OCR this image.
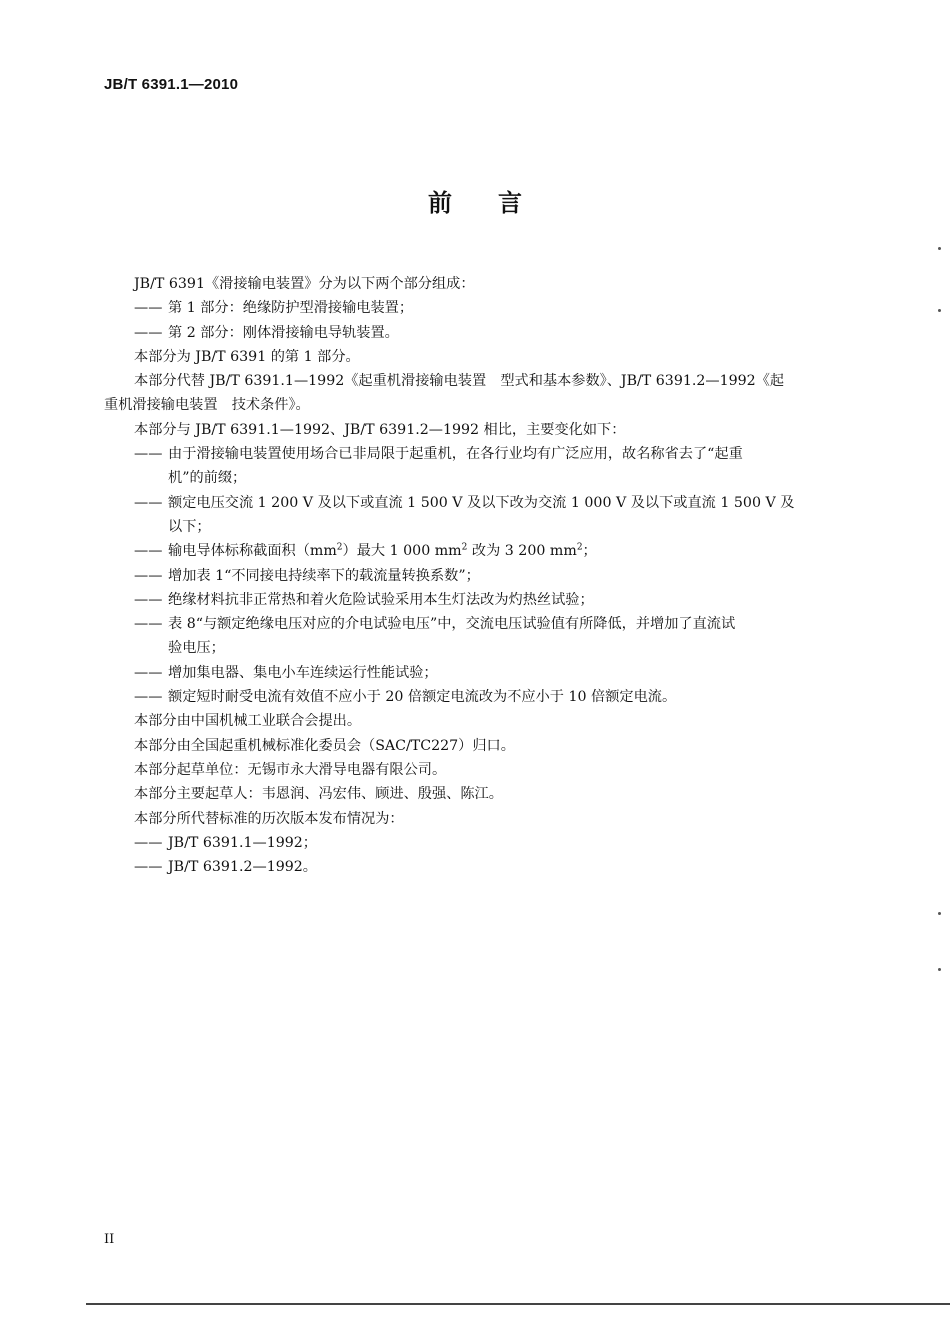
JB/T 6391.1—2010
前言

JB/T 6391《滑接输电装置》分为以下两个部分组成：

—— 第 1 部分：绝缘防护型滑接输电装置；
—— 第 2 部分：刚体滑接输电导轨装置。

本部分为 JB/T 6391 的第 1 部分。

本部分代替 JB/T 6391.1—1992《起重机滑接输电装置　型式和基本参数》、JB/T 6391.2—1992《起

重机滑接输电装置　技术条件》。

本部分与 JB/T 6391.1—1992、JB/T 6391.2—1992 相比，主要变化如下：

—— 由于滑接输电装置使用场合已非局限于起重机，在各行业均有广泛应用，故名称省去了“起重
机”的前缀；
—— 额定电压交流 1 200 V 及以下或直流 1 500 V 及以下改为交流 1 000 V 及以下或直流 1 500 V 及
以下；
—— 输电导体标称截面积$(mm^2)$最大 1 000 $mm^2$ 改为 3 200 $mm^2$；
—— 增加表 1“不同接电持续率下的载流量转换系数”；
—— 绝缘材料抗非正常热和着火危险试验采用本生灯法改为灼热丝试验；
—— 表 8“与额定绝缘电压对应的介电试验电压”中，交流电压试验值有所降低，并增加了直流试
验电压；
—— 增加集电器、集电小车连续运行性能试验；
—— 额定短时耐受电流有效值不应小于 20 倍额定电流改为不应小于 10 倍额定电流。

本部分由中国机械工业联合会提出。

本部分由全国起重机械标准化委员会（SAC/TC227）归口。

本部分起草单位：无锡市永大滑导电器有限公司。

本部分主要起草人：韦恩润、冯宏伟、顾进、殷强、陈江。

本部分所代替标准的历次版本发布情况为：

—— JB/T 6391.1—1992；
—— JB/T 6391.2—1992。
II
